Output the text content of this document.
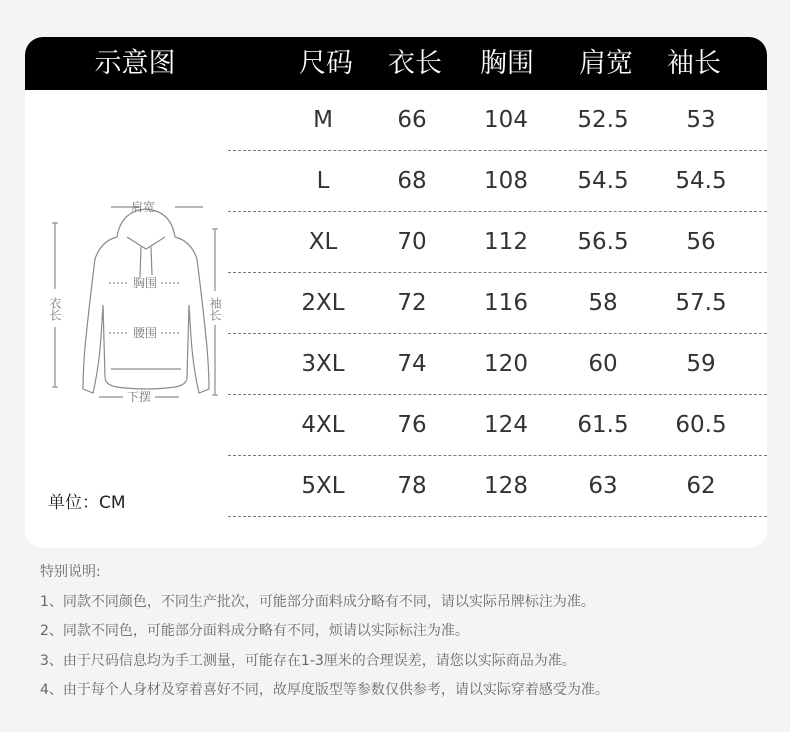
示意图	尺码	衣长	胸围	肩宽	袖长
肩宽
胸围
腰围
下摆
衣长	袖长
单位：CM
M	66	104	52.5	53
L	68	108	54.5	54.5
XL	70	112	56.5	56
2XL	72	116	58	57.5
3XL	74	120	60	59
4XL	76	124	61.5	60.5
5XL	78	128	63	62
特别说明:
1、同款不同颜色，不同生产批次，可能部分面料成分略有不同，请以实际吊牌标注为准。
2、同款不同色，可能部分面料成分略有不同，烦请以实际标注为准。
3、由于尺码信息均为手工测量，可能存在1-3厘米的合理误差，请您以实际商品为准。
4、由于每个人身材及穿着喜好不同，故厚度版型等参数仅供参考，请以实际穿着感受为准。
